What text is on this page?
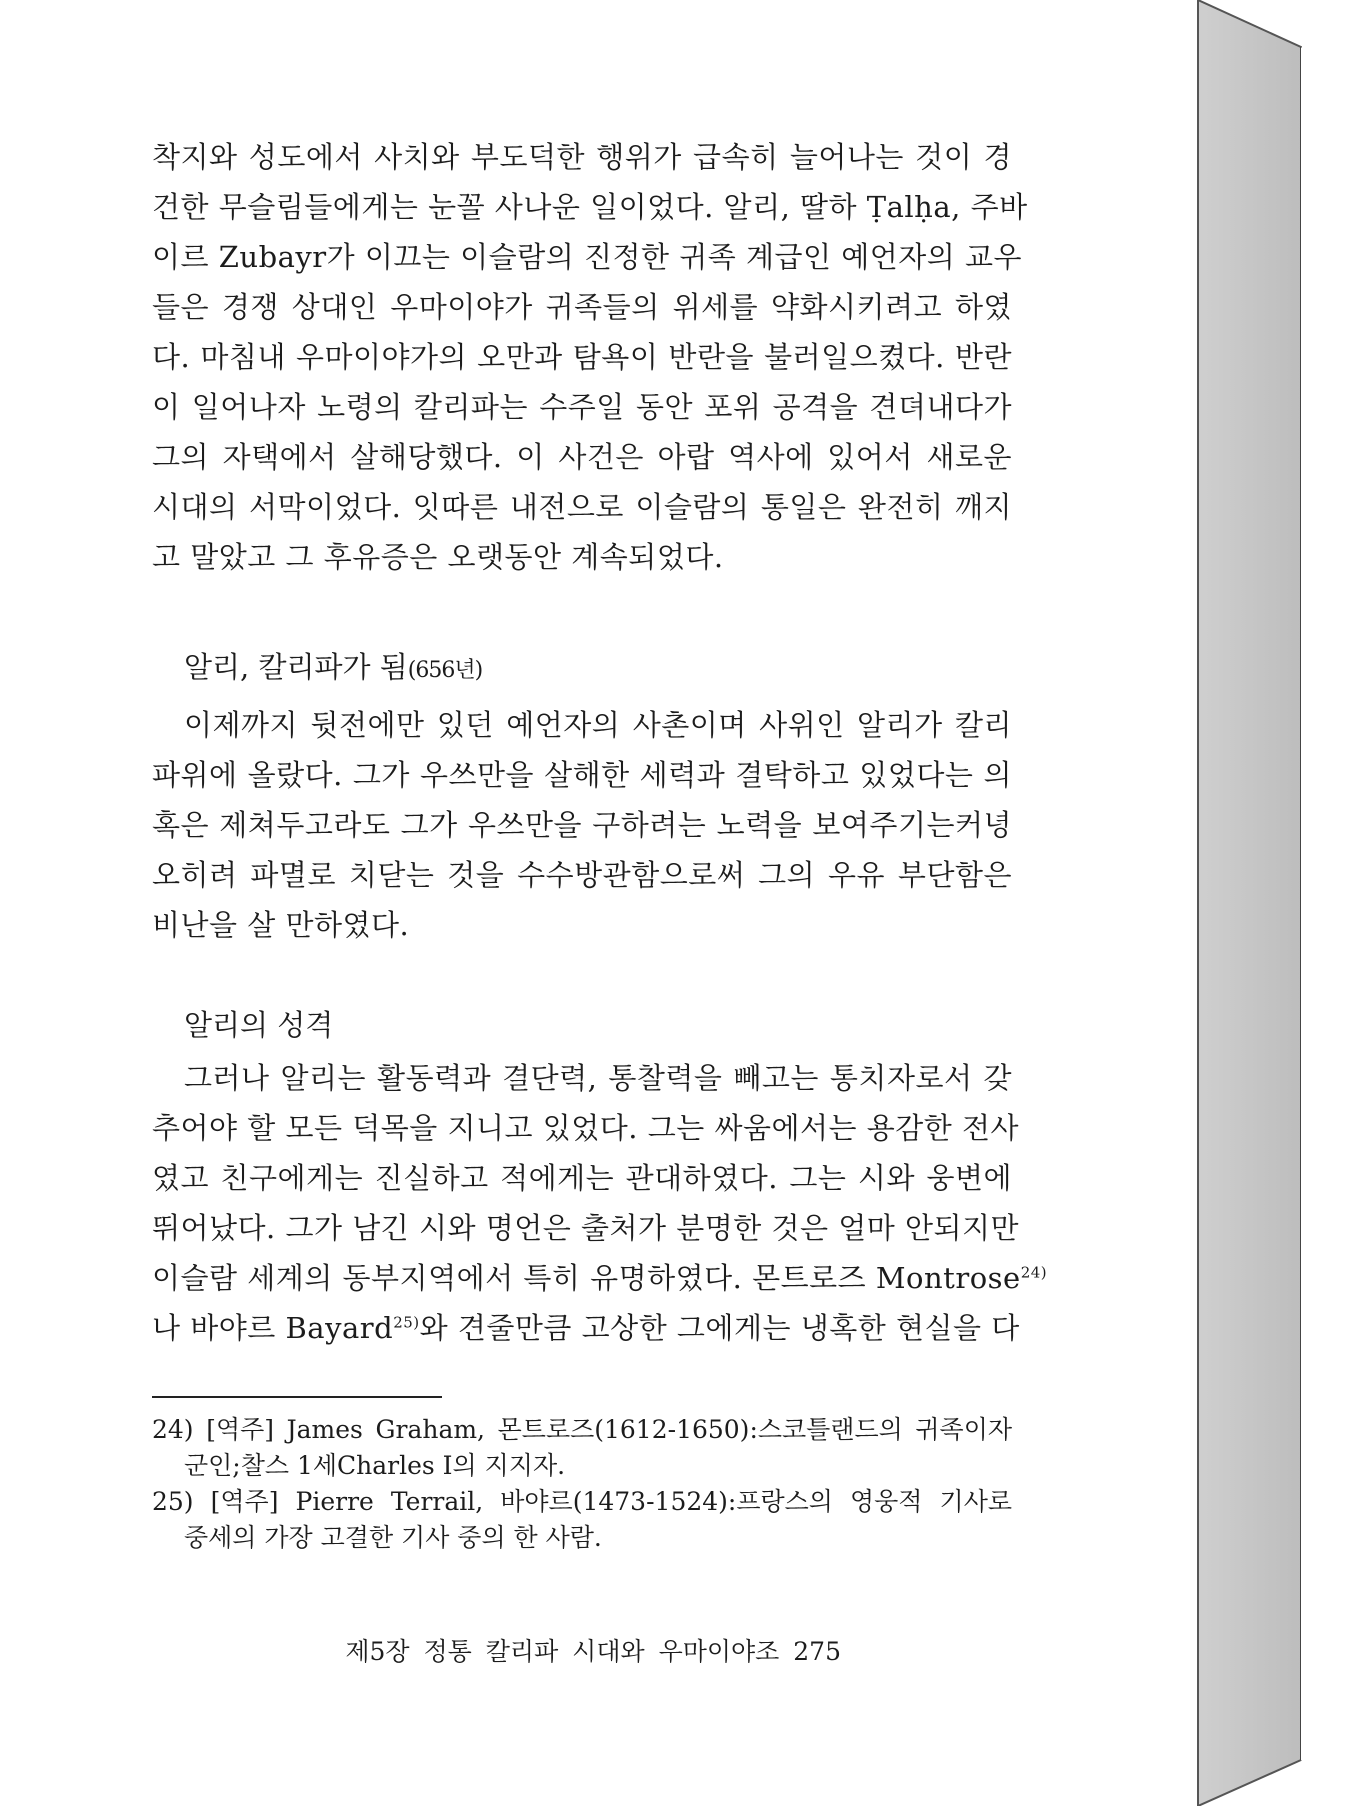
착지와 성도에서 사치와 부도덕한 행위가 급속히 늘어나는 것이 경
건한 무슬림들에게는 눈꼴 사나운 일이었다. 알리, 딸하 Ṭalḥa, 주바
이르 Zubayr가 이끄는 이슬람의 진정한 귀족 계급인 예언자의 교우
들은 경쟁 상대인 우마이야가 귀족들의 위세를 약화시키려고 하였
다. 마침내 우마이야가의 오만과 탐욕이 반란을 불러일으켰다. 반란
이 일어나자 노령의 칼리파는 수주일 동안 포위 공격을 견뎌내다가
그의 자택에서 살해당했다. 이 사건은 아랍 역사에 있어서 새로운
시대의 서막이었다. 잇따른 내전으로 이슬람의 통일은 완전히 깨지
고 말았고 그 후유증은 오랫동안 계속되었다.
알리, 칼리파가 됨(656년)
이제까지 뒷전에만 있던 예언자의 사촌이며 사위인 알리가 칼리
파위에 올랐다. 그가 우쓰만을 살해한 세력과 결탁하고 있었다는 의
혹은 제쳐두고라도 그가 우쓰만을 구하려는 노력을 보여주기는커녕
오히려 파멸로 치닫는 것을 수수방관함으로써 그의 우유 부단함은
비난을 살 만하였다.
알리의 성격
그러나 알리는 활동력과 결단력, 통찰력을 빼고는 통치자로서 갖
추어야 할 모든 덕목을 지니고 있었다. 그는 싸움에서는 용감한 전사
였고 친구에게는 진실하고 적에게는 관대하였다. 그는 시와 웅변에
뛰어났다. 그가 남긴 시와 명언은 출처가 분명한 것은 얼마 안되지만
이슬람 세계의 동부지역에서 특히 유명하였다. 몬트로즈 Montrose$^{24)}$
나 바야르 Bayard$^{25)}$와 견줄만큼 고상한 그에게는 냉혹한 현실을 다
24) [역주] James Graham, 몬트로즈(1612-1650):스코틀랜드의 귀족이자
군인;찰스 1세Charles Ⅰ의 지지자.
25) [역주] Pierre Terrail, 바야르(1473-1524):프랑스의 영웅적 기사로
중세의 가장 고결한 기사 중의 한 사람.
제5장 정통 칼리파 시대와 우마이야조 275
